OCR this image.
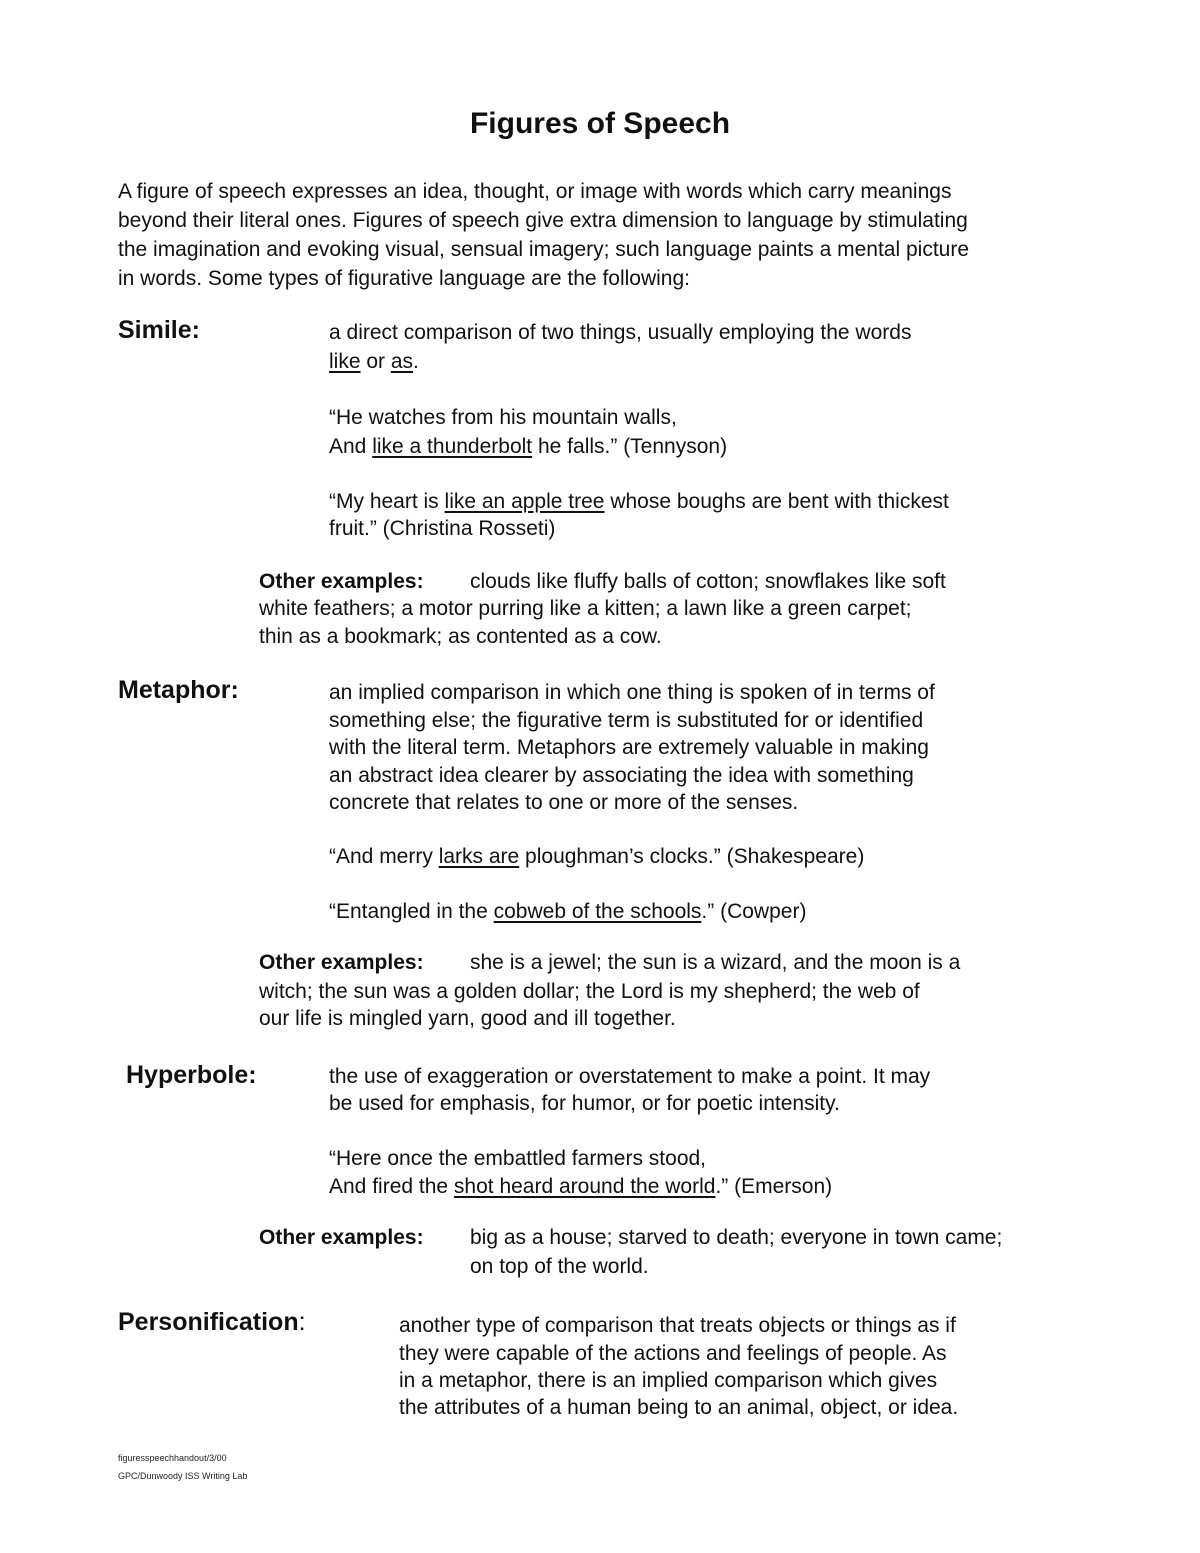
Figures of Speech

A figure of speech expresses an idea, thought, or image with words which carry meanings

beyond their literal ones. Figures of speech give extra dimension to language by stimulating

the imagination and evoking visual, sensual imagery; such language paints a mental picture

in words. Some types of figurative language are the following:

Simile:	a direct comparison of two things, usually employing the words
like or as.
“He watches from his mountain walls,
And like a thunderbolt he falls.” (Tennyson)
“My heart is like an apple tree whose boughs are bent with thickest
fruit.” (Christina Rosseti)
Other examples: clouds like fluffy balls of cotton; snowflakes like soft
white feathers; a motor purring like a kitten; a lawn like a green carpet;
thin as a bookmark; as contented as a cow.
Metaphor:	an implied comparison in which one thing is spoken of in terms of
something else; the figurative term is substituted for or identified
with the literal term. Metaphors are extremely valuable in making
an abstract idea clearer by associating the idea with something
concrete that relates to one or more of the senses.
“And merry larks are ploughman’s clocks.” (Shakespeare)
“Entangled in the cobweb of the schools.” (Cowper)
Other examples: she is a jewel; the sun is a wizard, and the moon is a
witch; the sun was a golden dollar; the Lord is my shepherd; the web of
our life is mingled yarn, good and ill together.
Hyperbole:	the use of exaggeration or overstatement to make a point. It may
be used for emphasis, for humor, or for poetic intensity.
“Here once the embattled farmers stood,
And fired the shot heard around the world.” (Emerson)
Other examples: big as a house; starved to death; everyone in town came;
on top of the world.
Personification:	another type of comparison that treats objects or things as if
they were capable of the actions and feelings of people. As
in a metaphor, there is an implied comparison which gives
the attributes of a human being to an animal, object, or idea.
figuresspeechhandout/3/00
GPC/Dunwoody ISS Writing Lab
